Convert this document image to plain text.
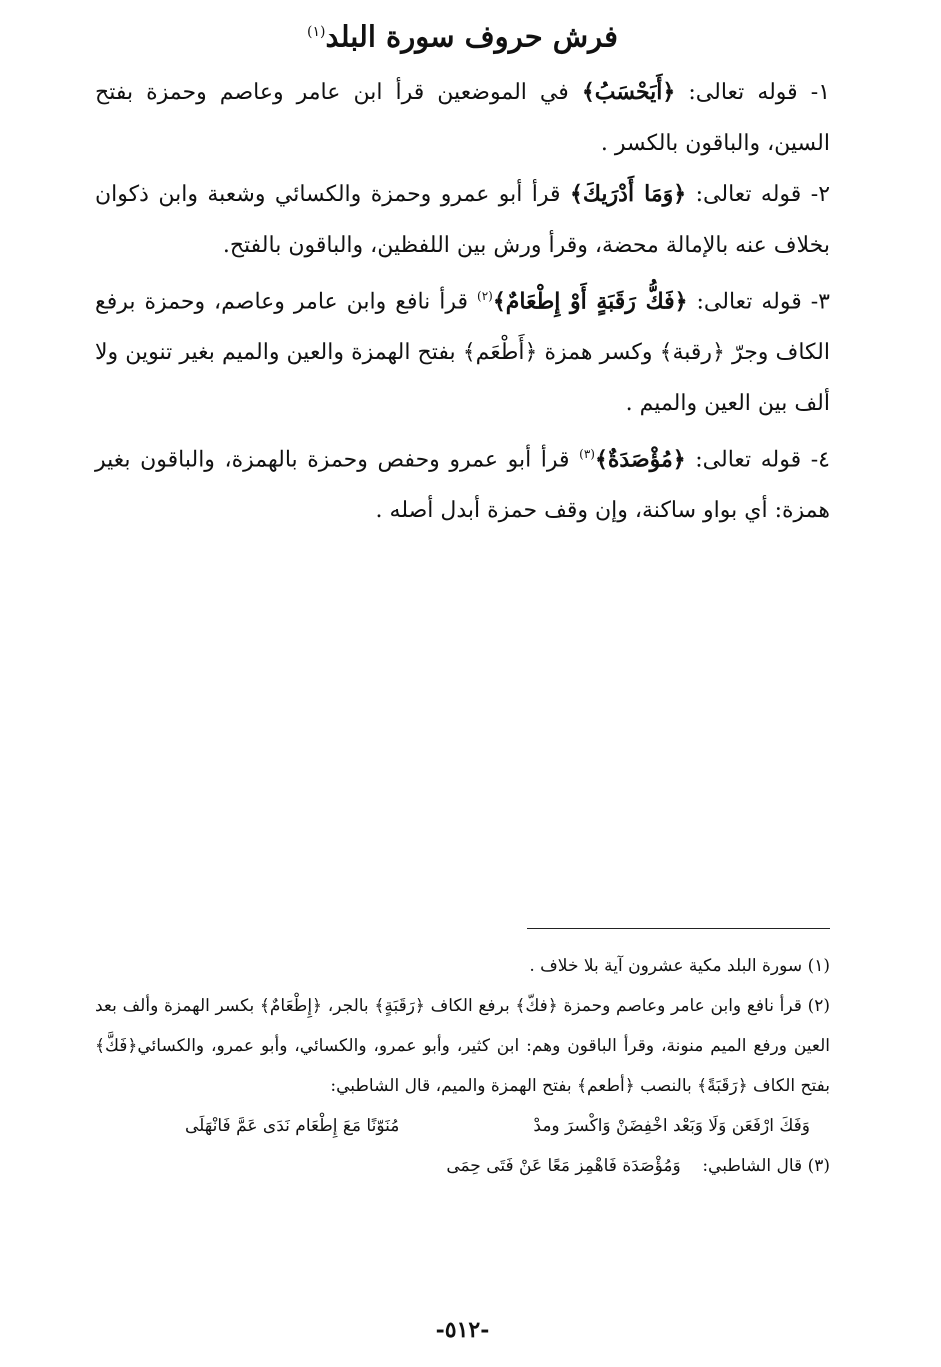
فرش حروف سورة البلد$^{(١)}$

١- قوله تعالى: ﴿أَيَحْسَبُ﴾ في الموضعين قرأ ابن عامر وعاصم وحمزة بفتح السين، والباقون بالكسر .

٢- قوله تعالى: ﴿وَمَا أَدْرَيكَ﴾ قرأ أبو عمرو وحمزة والكسائي وشعبة وابن ذكوان بخلاف عنه بالإمالة محضة، وقرأ ورش بين اللفظين، والباقون بالفتح.

٣- قوله تعالى: ﴿فَكُّ رَقَبَةٍ أَوْ إِطْعَامٌ﴾$^{(٢)}$ قرأ نافع وابن عامر وعاصم، وحمزة برفع الكاف وجرّ ﴿رقبة﴾ وكسر همزة ﴿أَطْعَم﴾ بفتح الهمزة والعين والميم بغير تنوين ولا ألف بين العين والميم .

٤- قوله تعالى: ﴿مُؤْصَدَةٌ﴾$^{(٣)}$ قرأ أبو عمرو وحفص وحمزة بالهمزة، والباقون بغير همزة: أي بواو ساكنة، وإن وقف حمزة أبدل أصله .

(١) سورة البلد مكية عشرون آية بلا خلاف .

(٢) قرأ نافع وابن عامر وعاصم وحمزة ﴿فكّ﴾ برفع الكاف ﴿رَقَبَةٍ﴾ بالجر، ﴿إِطْعَامٌ﴾ بكسر الهمزة وألف بعد العين ورفع الميم منونة، وقرأ الباقون وهم: ابن كثير، وأبو عمرو، والكسائي، وأبو عمرو، والكسائي﴿فَكَّ﴾ بفتح الكاف ﴿رَقَبَةً﴾ بالنصب ﴿أطعم﴾ بفتح الهمزة والميم، قال الشاطبي:

وَفَكَ ارْفَعَن وَلَا وَبَعْد اخْفِضَنْ وَاكْسرَ ومدْ
مُنَوّنًا مَعَ إِطْعَام نَدَى عَمَّ فَانْهَلَى

(٣) قال الشاطبي:    وَمُؤْصَدَة فَاهْمِز مَعًا عَنْ فَتَى حِمَى

-٥١٢-
